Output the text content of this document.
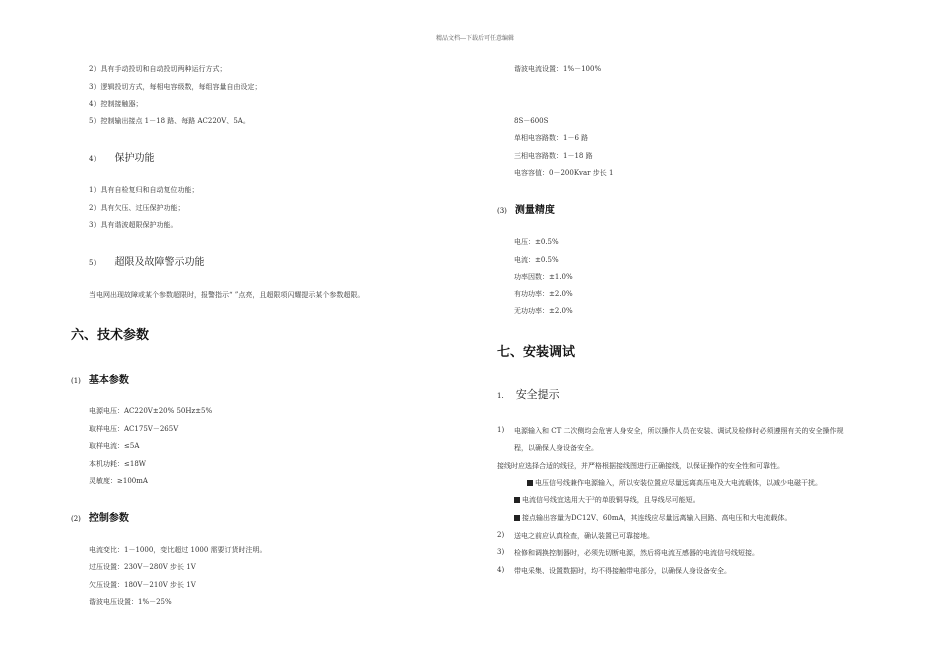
精品文档---下载后可任意编辑
2）具有手动投切和自动投切两种运行方式；
3）逻辑投切方式，每相电容级数，每组容量自由设定；
4）控制接触器；
5）控制输出接点 1－18 路、每路 AC220V、5A。
4） 保护功能
1）具有自检复归和自动复位功能；
2）具有欠压、过压保护功能；
3）具有谐波超限保护功能。
5） 超限及故障警示功能
当电网出现故障或某个参数超限时，报警指示“ ”点亮，且超限项闪耀提示某个参数超限。
六、技术参数
(1) 基本参数
电源电压：AC220V±20% 50Hz±5%
取样电压：AC175V－265V
取样电流：≤5A
本机功耗：≤18W
灵敏度：≥100mA
(2) 控制参数
电流变比：1－1000，变比超过 1000 需要订货时注明。
过压设置：230V－280V 步长 1V
欠压设置：180V－210V 步长 1V
谐波电压设置：1%－25%
谐波电流设置：1%－100%
8S－600S
单相电容路数：1－6 路
三相电容路数：1－18 路
电容容值：0－200Kvar 步长 1
(3) 测量精度
电压：±0.5%
电流：±0.5%
功率因数：±1.0%
有功功率：±2.0%
无功功率：±2.0%
七、安装调试
1. 安全提示
1) 电源输入和 CT 二次侧均会危害人身安全，所以操作人员在安装、调试及检修时必须遵照有关的安全操作规
程，以确保人身设备安全。
接线时应选择合适的线径，并严格根据接线图进行正确接线，以保证操作的安全性和可靠性。
电压信号线兼作电源输入，所以安装位置应尽量远离高压电及大电流载体，以减少电磁干扰。
电流信号线宜选用大于²的单股铜导线，且导线尽可能短。
接点输出容量为DC12V、60mA，其连线应尽量远离输入回路、高电压和大电流载体。
2) 送电之前应认真检查，确认装置已可靠接地。
3) 检修和调换控制器时，必须先切断电源，然后将电流互感器的电流信号线短接。
4) 带电采集、设置数据时，均不得接触带电部分，以确保人身设备安全。
